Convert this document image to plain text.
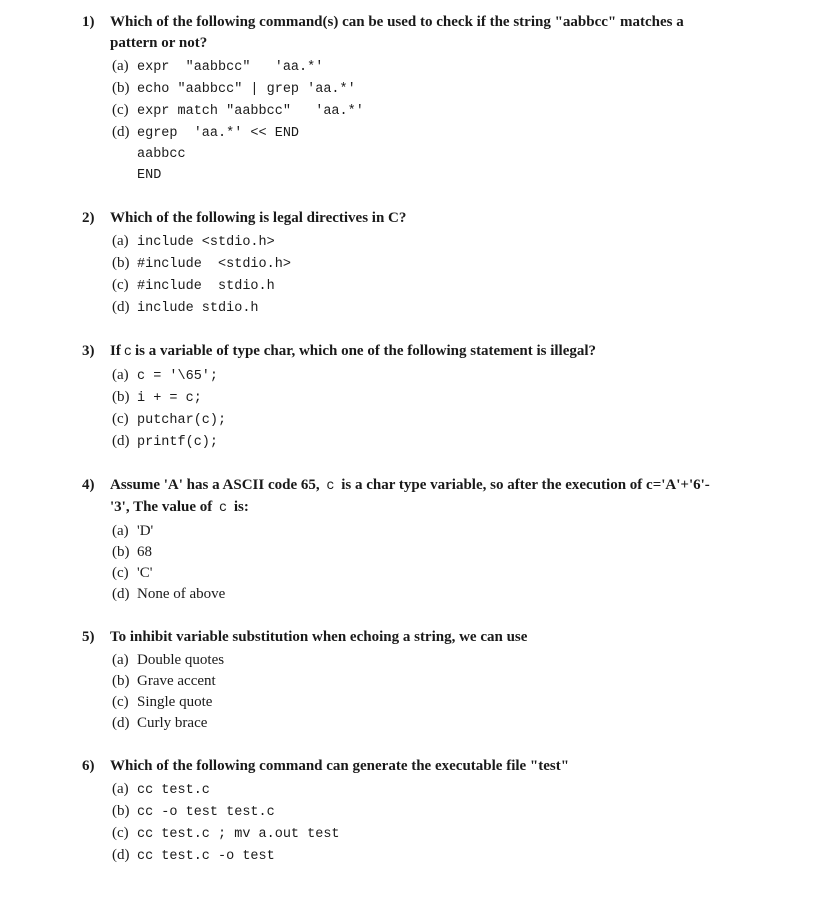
1)	Which of the following command(s) can be used to check if the string "aabbcc" matches a pattern or not?
(a) expr  "aabbcc"   'aa.*'
(b) echo "aabbcc" | grep 'aa.*'
(c) expr match "aabbcc"   'aa.*'
(d) egrep  'aa.*' << END
aabbcc
END
2)	Which of the following is legal directives in C?
(a) include <stdio.h>
(b) #include  <stdio.h>
(c) #include  stdio.h
(d) include stdio.h
3)	If c is a variable of type char, which one of the following statement is illegal?
(a) c = '\65';
(b) i + = c;
(c) putchar(c);
(d) printf(c);
4)	Assume 'A' has a ASCII code 65, c is a char type variable, so after the execution of c='A'+'6'-'3', The value of c is:
(a) 'D'
(b) 68
(c) 'C'
(d) None of above
5)	To inhibit variable substitution when echoing a string, we can use
(a) Double quotes
(b) Grave accent
(c) Single quote
(d) Curly brace
6)	Which of the following command can generate the executable file "test"
(a) cc test.c
(b) cc -o test test.c
(c) cc test.c ; mv a.out test
(d) cc test.c -o test
